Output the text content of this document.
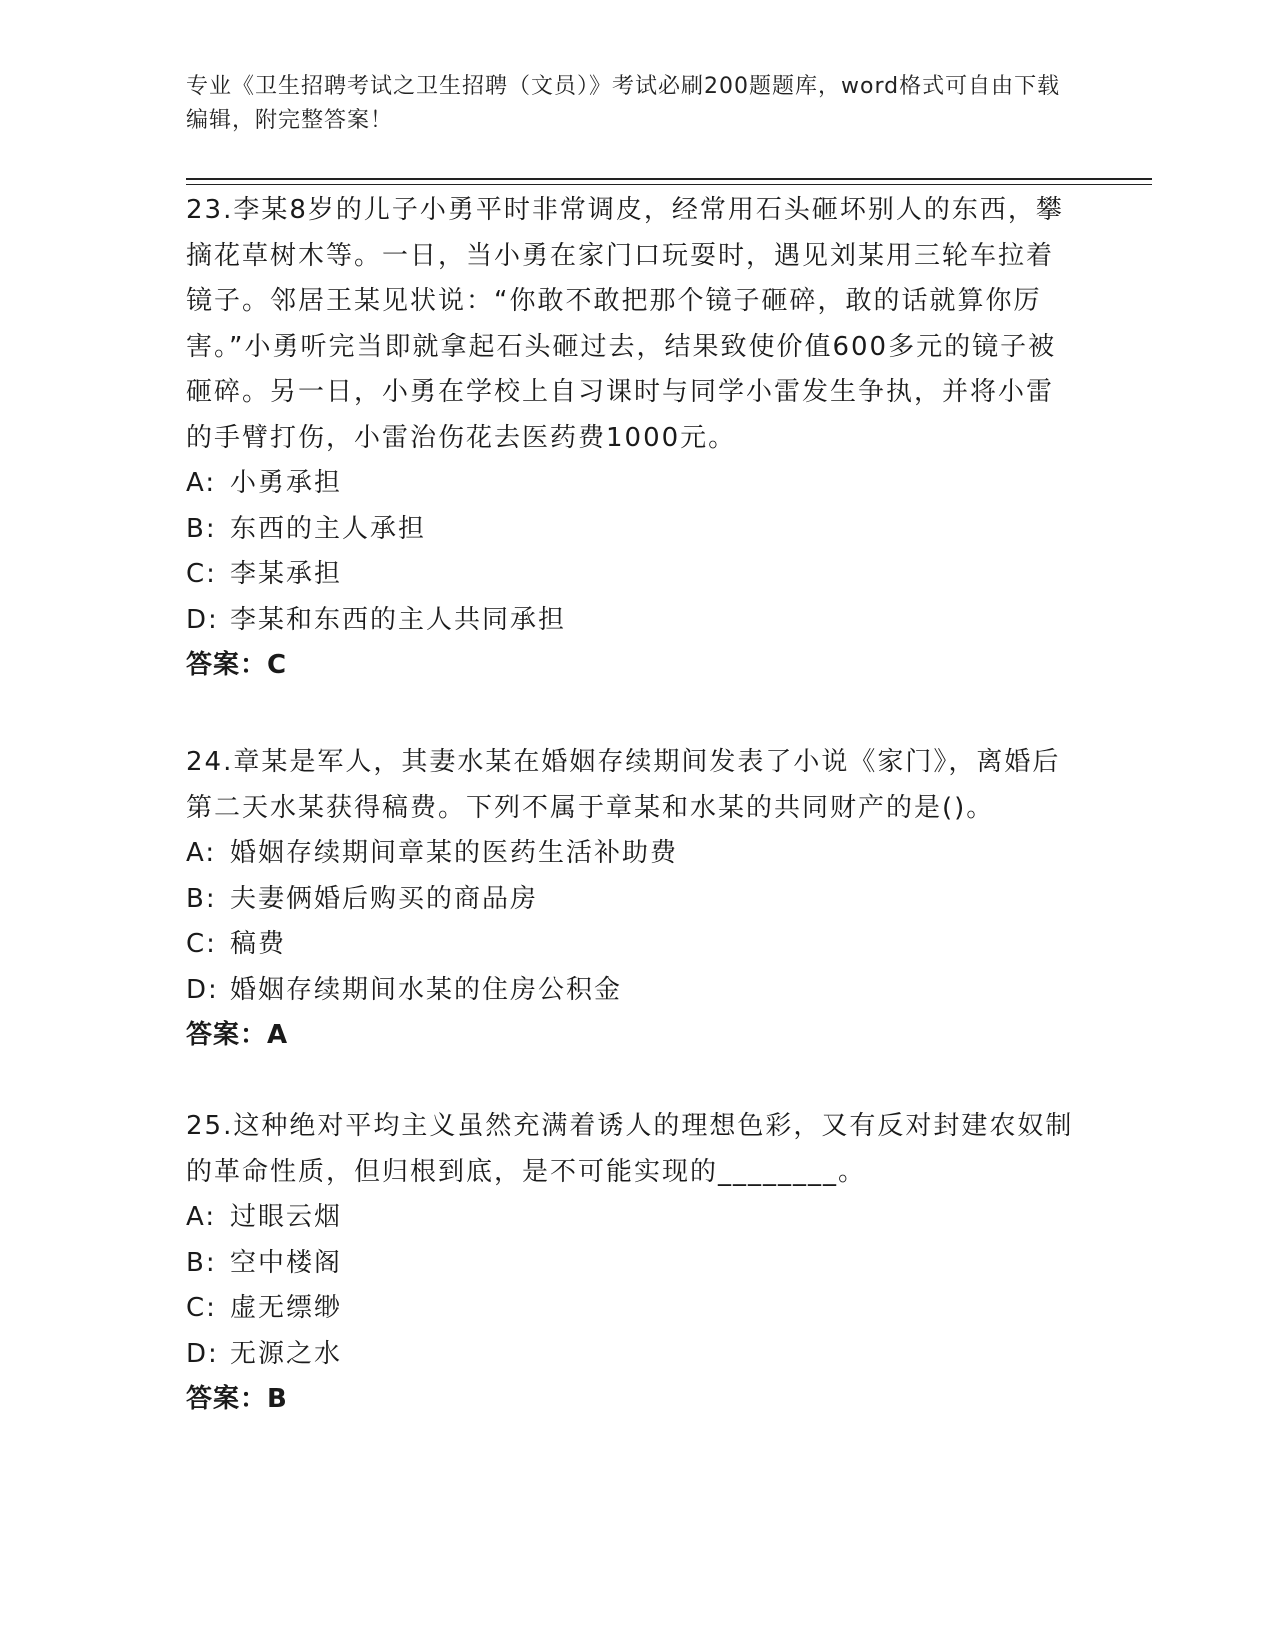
专业《卫生招聘考试之卫生招聘（文员）》考试必刷200题题库，word格式可自由下载编辑，附完整答案！

23.李某8岁的儿子小勇平时非常调皮，经常用石头砸坏别人的东西，攀摘花草树木等。一日，当小勇在家门口玩耍时，遇见刘某用三轮车拉着镜子。邻居王某见状说：“你敢不敢把那个镜子砸碎，敢的话就算你厉害。”小勇听完当即就拿起石头砸过去，结果致使价值600多元的镜子被砸碎。另一日，小勇在学校上自习课时与同学小雷发生争执，并将小雷的手臂打伤，小雷治伤花去医药费1000元。

A: 小勇承担

B: 东西的主人承担

C: 李某承担

D: 李某和东西的主人共同承担

答案：C

24.章某是军人，其妻水某在婚姻存续期间发表了小说《家门》，离婚后第二天水某获得稿费。下列不属于章某和水某的共同财产的是()。

A: 婚姻存续期间章某的医药生活补助费

B: 夫妻俩婚后购买的商品房

C: 稿费

D: 婚姻存续期间水某的住房公积金

答案：A

25.这种绝对平均主义虽然充满着诱人的理想色彩，又有反对封建农奴制的革命性质，但归根到底，是不可能实现的________。

A: 过眼云烟

B: 空中楼阁

C: 虚无缥缈

D: 无源之水

答案：B
